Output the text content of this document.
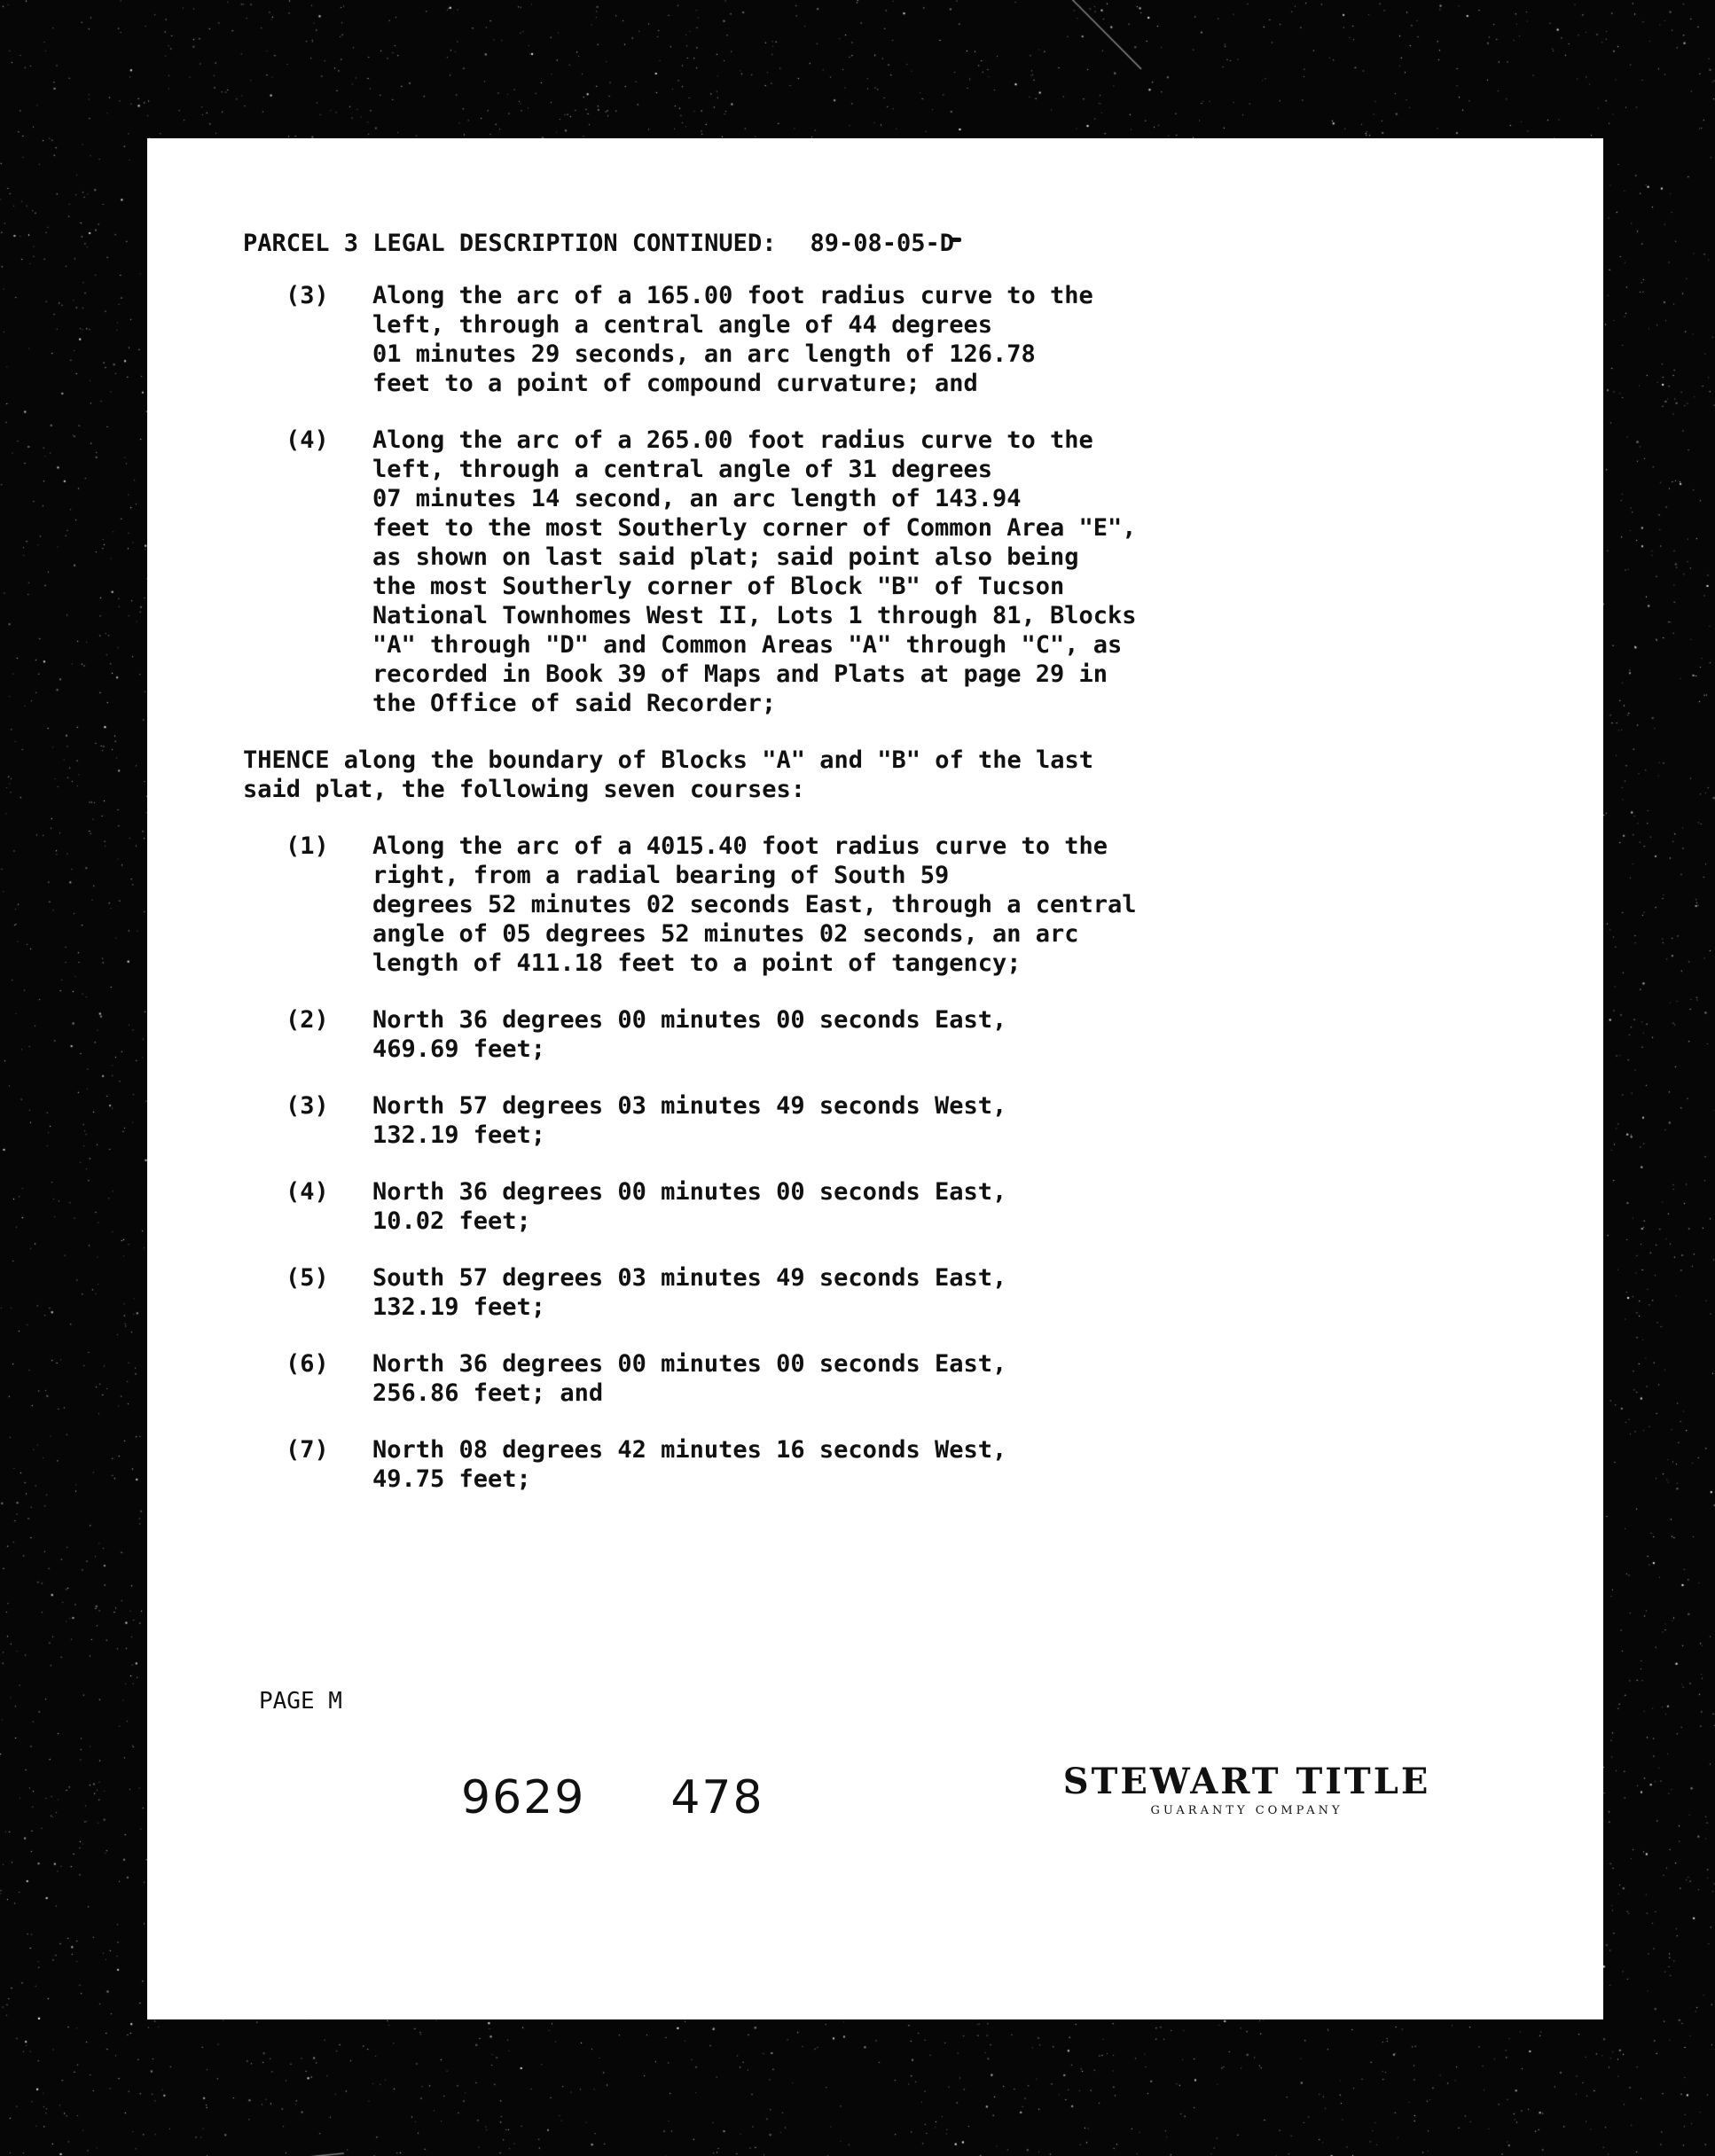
PARCEL 3 LEGAL DESCRIPTION CONTINUED: 89-08-05-D
(3)	Along the arc of a 165.00 foot radius curve to the
left, through a central angle of 44 degrees
01 minutes 29 seconds, an arc length of 126.78
feet to a point of compound curvature; and
(4)	Along the arc of a 265.00 foot radius curve to the
left, through a central angle of 31 degrees
07 minutes 14 second, an arc length of 143.94
feet to the most Southerly corner of Common Area "E",
as shown on last said plat; said point also being
the most Southerly corner of Block "B" of Tucson
National Townhomes West II, Lots 1 through 81, Blocks
"A" through "D" and Common Areas "A" through "C", as
recorded in Book 39 of Maps and Plats at page 29 in
the Office of said Recorder;
THENCE along the boundary of Blocks "A" and "B" of the last
said plat, the following seven courses:
(1)	Along the arc of a 4015.40 foot radius curve to the
right, from a radial bearing of South 59
degrees 52 minutes 02 seconds East, through a central
angle of 05 degrees 52 minutes 02 seconds, an arc
length of 411.18 feet to a point of tangency;
(2)	North 36 degrees 00 minutes 00 seconds East,
469.69 feet;
(3)	North 57 degrees 03 minutes 49 seconds West,
132.19 feet;
(4)	North 36 degrees 00 minutes 00 seconds East,
10.02 feet;
(5)	South 57 degrees 03 minutes 49 seconds East,
132.19 feet;
(6)	North 36 degrees 00 minutes 00 seconds East,
256.86 feet; and
(7)	North 08 degrees 42 minutes 16 seconds West,
49.75 feet;
PAGE M
9629 478	STEWART TITLE
GUARANTY COMPANY
